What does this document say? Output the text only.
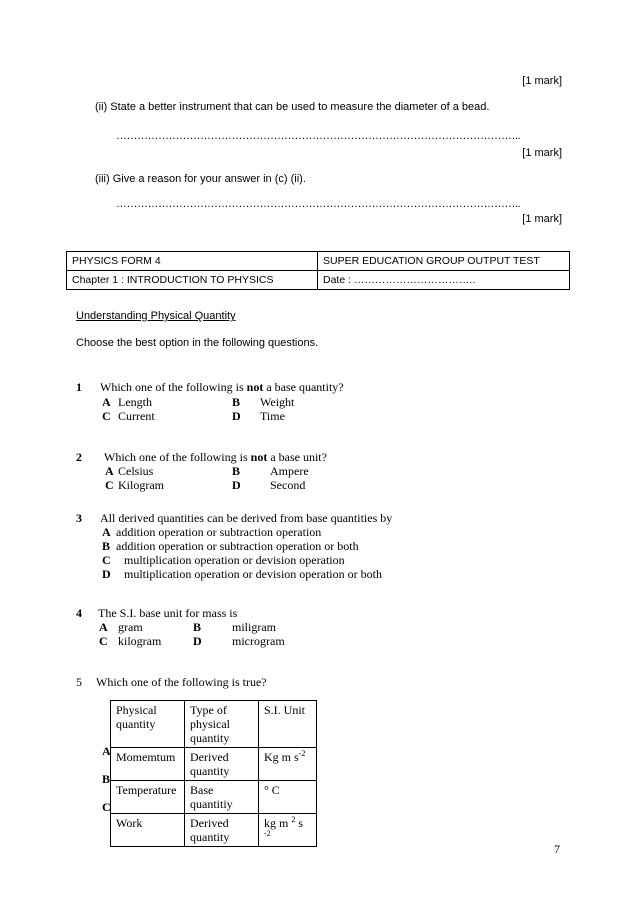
[1 mark]
(ii) State a better instrument that can be used to measure the diameter of a bead.
……………………………………………………………………………………………………..
[1 mark]
(iii) Give a reason for your answer in (c) (ii).
……………………………………………………………………………………………………..
[1 mark]
PHYSICS FORM 4	SUPER EDUCATION GROUP OUTPUT TEST
Chapter 1 : INTRODUCTION TO PHYSICS	Date : ……………………………..
Understanding Physical Quantity
Choose the best option in the following questions.
1 Which one of the following is not a base quantity?
A Length	B Weight
C Current	D Time
2 Which one of the following is not a base unit?
A Celsius	B Ampere
C Kilogram	D Second
3 All derived quantities can be derived from base quantities by
A addition operation or subtraction operation
B addition operation or subtraction operation or both
C multiplication operation or devision operation
D multiplication operation or devision operation or both
4 The S.I. base unit for mass is
A gram	B	miligram
C kilogram	D	microgram
5 Which one of the following is true?
A
B
C
Physical quantity	Type of physical quantity	S.I. Unit
Momemtum	Derived quantity	Kg m $s^{-2}$
Temperature	Base quantitiy	° C
Work	Derived quantity	kg m $^2$ s
$^{-2}$
7
